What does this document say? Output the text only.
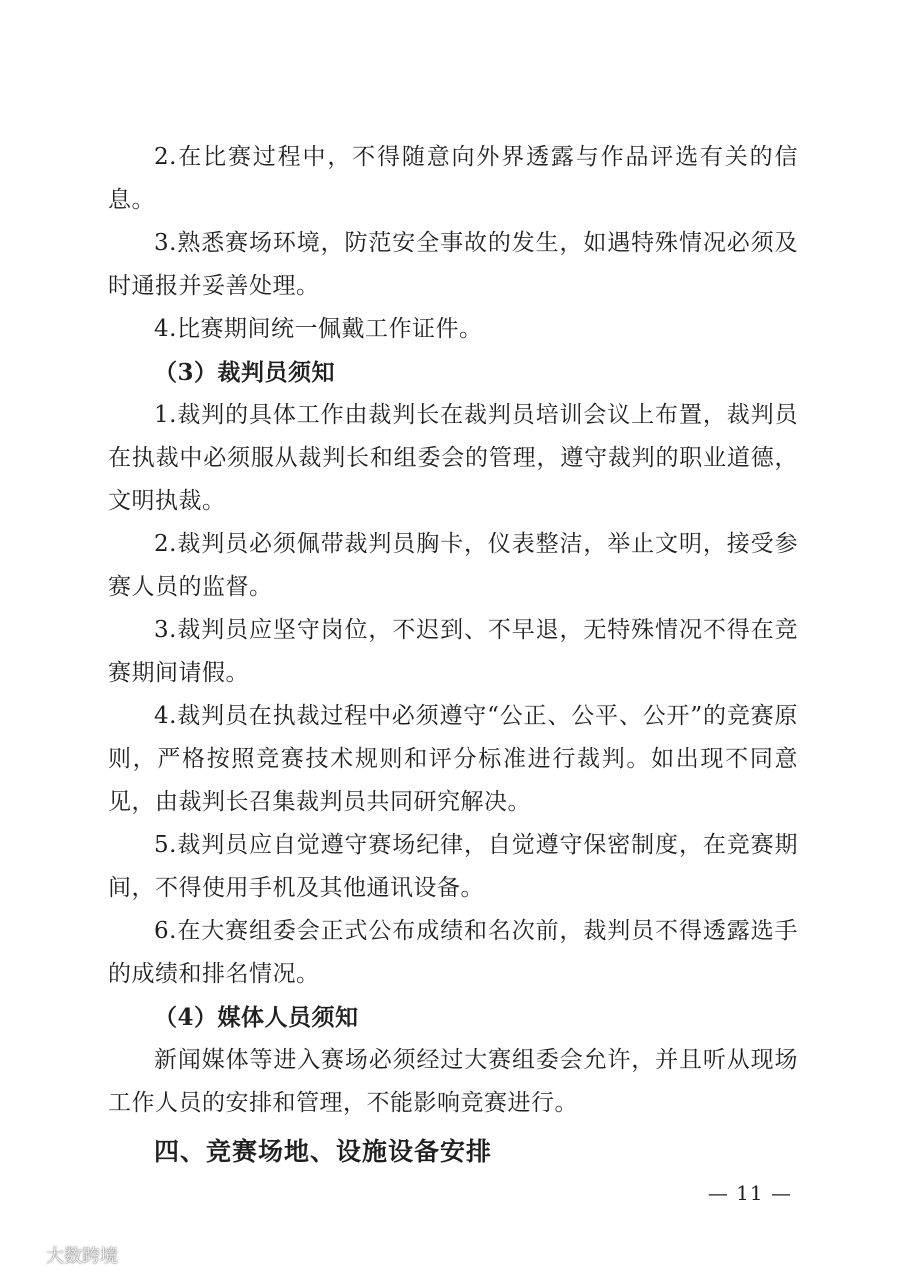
2.在比赛过程中，不得随意向外界透露与作品评选有关的信息。

3.熟悉赛场环境，防范安全事故的发生，如遇特殊情况必须及时通报并妥善处理。

4.比赛期间统一佩戴工作证件。

（3）裁判员须知

1.裁判的具体工作由裁判长在裁判员培训会议上布置，裁判员在执裁中必须服从裁判长和组委会的管理，遵守裁判的职业道德，文明执裁。

2.裁判员必须佩带裁判员胸卡，仪表整洁，举止文明，接受参赛人员的监督。

3.裁判员应坚守岗位，不迟到、不早退，无特殊情况不得在竞赛期间请假。

4.裁判员在执裁过程中必须遵守“公正、公平、公开”的竞赛原则，严格按照竞赛技术规则和评分标准进行裁判。如出现不同意见，由裁判长召集裁判员共同研究解决。

5.裁判员应自觉遵守赛场纪律，自觉遵守保密制度，在竞赛期间，不得使用手机及其他通讯设备。

6.在大赛组委会正式公布成绩和名次前，裁判员不得透露选手的成绩和排名情况。

（4）媒体人员须知

新闻媒体等进入赛场必须经过大赛组委会允许，并且听从现场工作人员的安排和管理，不能影响竞赛进行。

四、竞赛场地、设施设备安排

— 11 —
大数跨境
